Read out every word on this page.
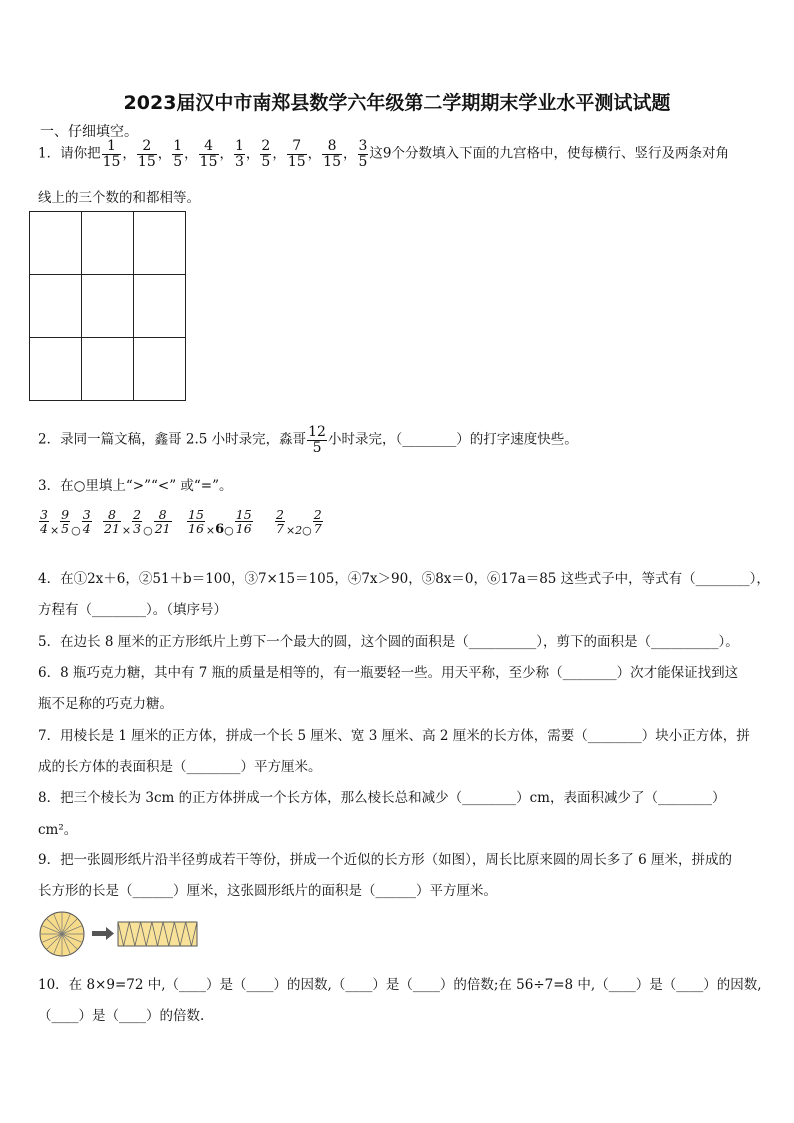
2023届汉中市南郑县数学六年级第二学期期末学业水平测试试题
一、仔细填空。
1．请你把 $\frac{1}{15}$ ， $\frac{2}{15}$ ， $\frac{1}{5}$ ， $\frac{4}{15}$ ， $\frac{1}{3}$ ， $\frac{2}{5}$ ， $\frac{7}{15}$ ， $\frac{8}{15}$ ， $\frac{3}{5}$ 这9个分数填入下面的九宫格中，使每横行、竖行及两条对角
线上的三个数的和都相等。

2．录同一篇文稿，鑫哥 2.5 小时录完，淼哥 $\frac{12}{5}$ 小时录完，（________）的打字速度快些。
3．在○里填上“>”“<” 或“=”。
$\frac{3}{4} _\times \frac{9}{5} _○ \frac{3}{4} \frac{8}{21} _\times \frac{2}{3} _○ \frac{8}{21} \frac{15}{16} _\times 6_○ \frac{15}{16} \frac{2}{7} _{\times 2○} \frac{2}{7}$
4．在①2x＋6，②51＋b＝100，③7×15＝105，④7x＞90，⑤8x＝0，⑥17a＝85 这些式子中，等式有（________），
方程有（________）。（填序号）
5．在边长 8 厘米的正方形纸片上剪下一个最大的圆，这个圆的面积是（__________），剪下的面积是（__________）。
6．8 瓶巧克力糖，其中有 7 瓶的质量是相等的，有一瓶要轻一些。用天平称，至少称（________）次才能保证找到这
瓶不足称的巧克力糖。
7．用棱长是 1 厘米的正方体，拼成一个长 5 厘米、宽 3 厘米、高 2 厘米的长方体，需要（________）块小正方体，拼
成的长方体的表面积是（________）平方厘米。
8．把三个棱长为 3cm 的正方体拼成一个长方体，那么棱长总和减少（________）cm，表面积减少了（________）
cm²。
9．把一张圆形纸片沿半径剪成若干等份，拼成一个近似的长方形（如图），周长比原来圆的周长多了 6 厘米，拼成的
长方形的长是（______）厘米，这张圆形纸片的面积是（______）平方厘米。
10．在 8×9=72 中,（____）是（____）的因数,（____）是（____）的倍数;在 56÷7=8 中,（____）是（____）的因数,
（____）是（____）的倍数.
